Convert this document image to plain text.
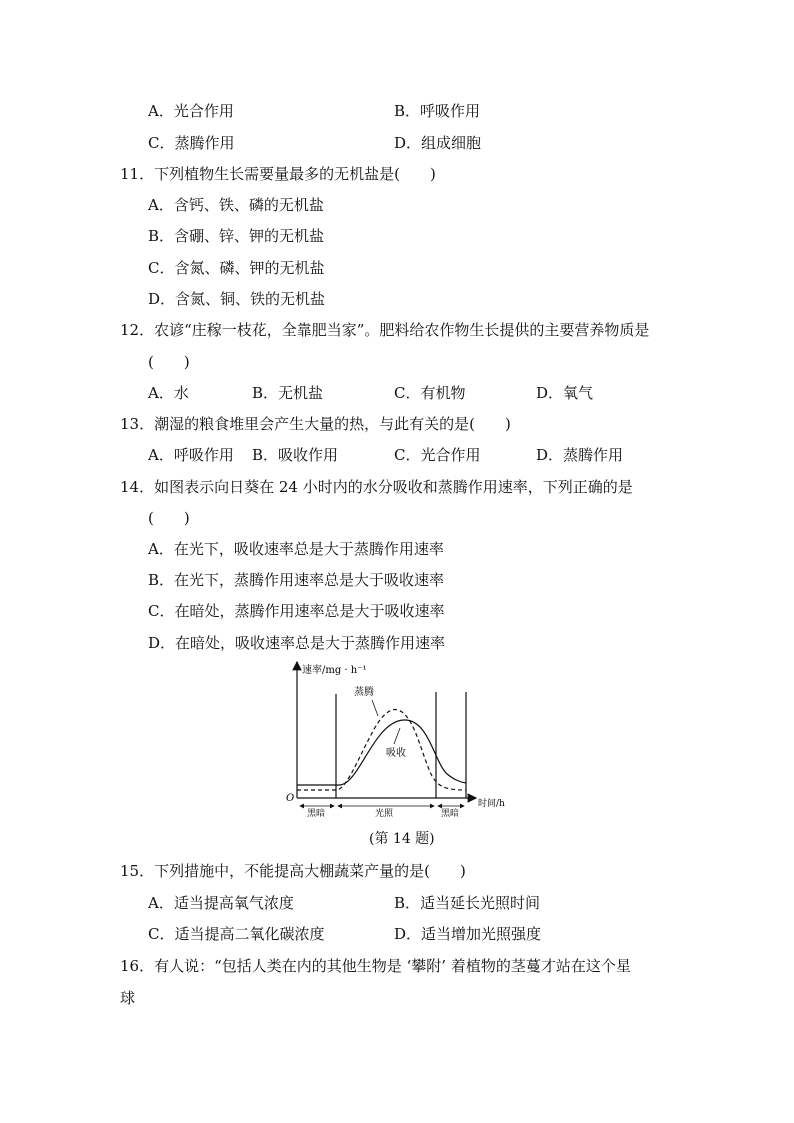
A．光合作用	B．呼吸作用
C．蒸腾作用	D．组成细胞
11．下列植物生长需要量最多的无机盐是(　　)
A．含钙、铁、磷的无机盐
B．含硼、锌、钾的无机盐
C．含氮、磷、钾的无机盐
D．含氮、铜、铁的无机盐
12．农谚“庄稼一枝花，全靠肥当家”。肥料给农作物生长提供的主要营养物质是
(　　)
A．水	B．无机盐	C．有机物	D．氧气
13．潮湿的粮食堆里会产生大量的热，与此有关的是(　　)
A．呼吸作用 B．吸收作用	C．光合作用	D．蒸腾作用
14．如图表示向日葵在 24 小时内的水分吸收和蒸腾作用速率，下列正确的是
(　　)
A．在光下，吸收速率总是大于蒸腾作用速率
B．在光下，蒸腾作用速率总是大于吸收速率
C．在暗处，蒸腾作用速率总是大于吸收速率
D．在暗处，吸收速率总是大于蒸腾作用速率
速率/mg · h⁻¹
蒸腾
吸收
O	时间/h
黑暗	光照	黑暗
(第 14 题)
15．下列措施中，不能提高大棚蔬菜产量的是(　　)
A．适当提高氧气浓度	B．适当延长光照时间
C．适当提高二氧化碳浓度	D．适当增加光照强度
16．有人说：“包括人类在内的其他生物是 ‘攀附’ 着植物的茎蔓才站在这个星
球
